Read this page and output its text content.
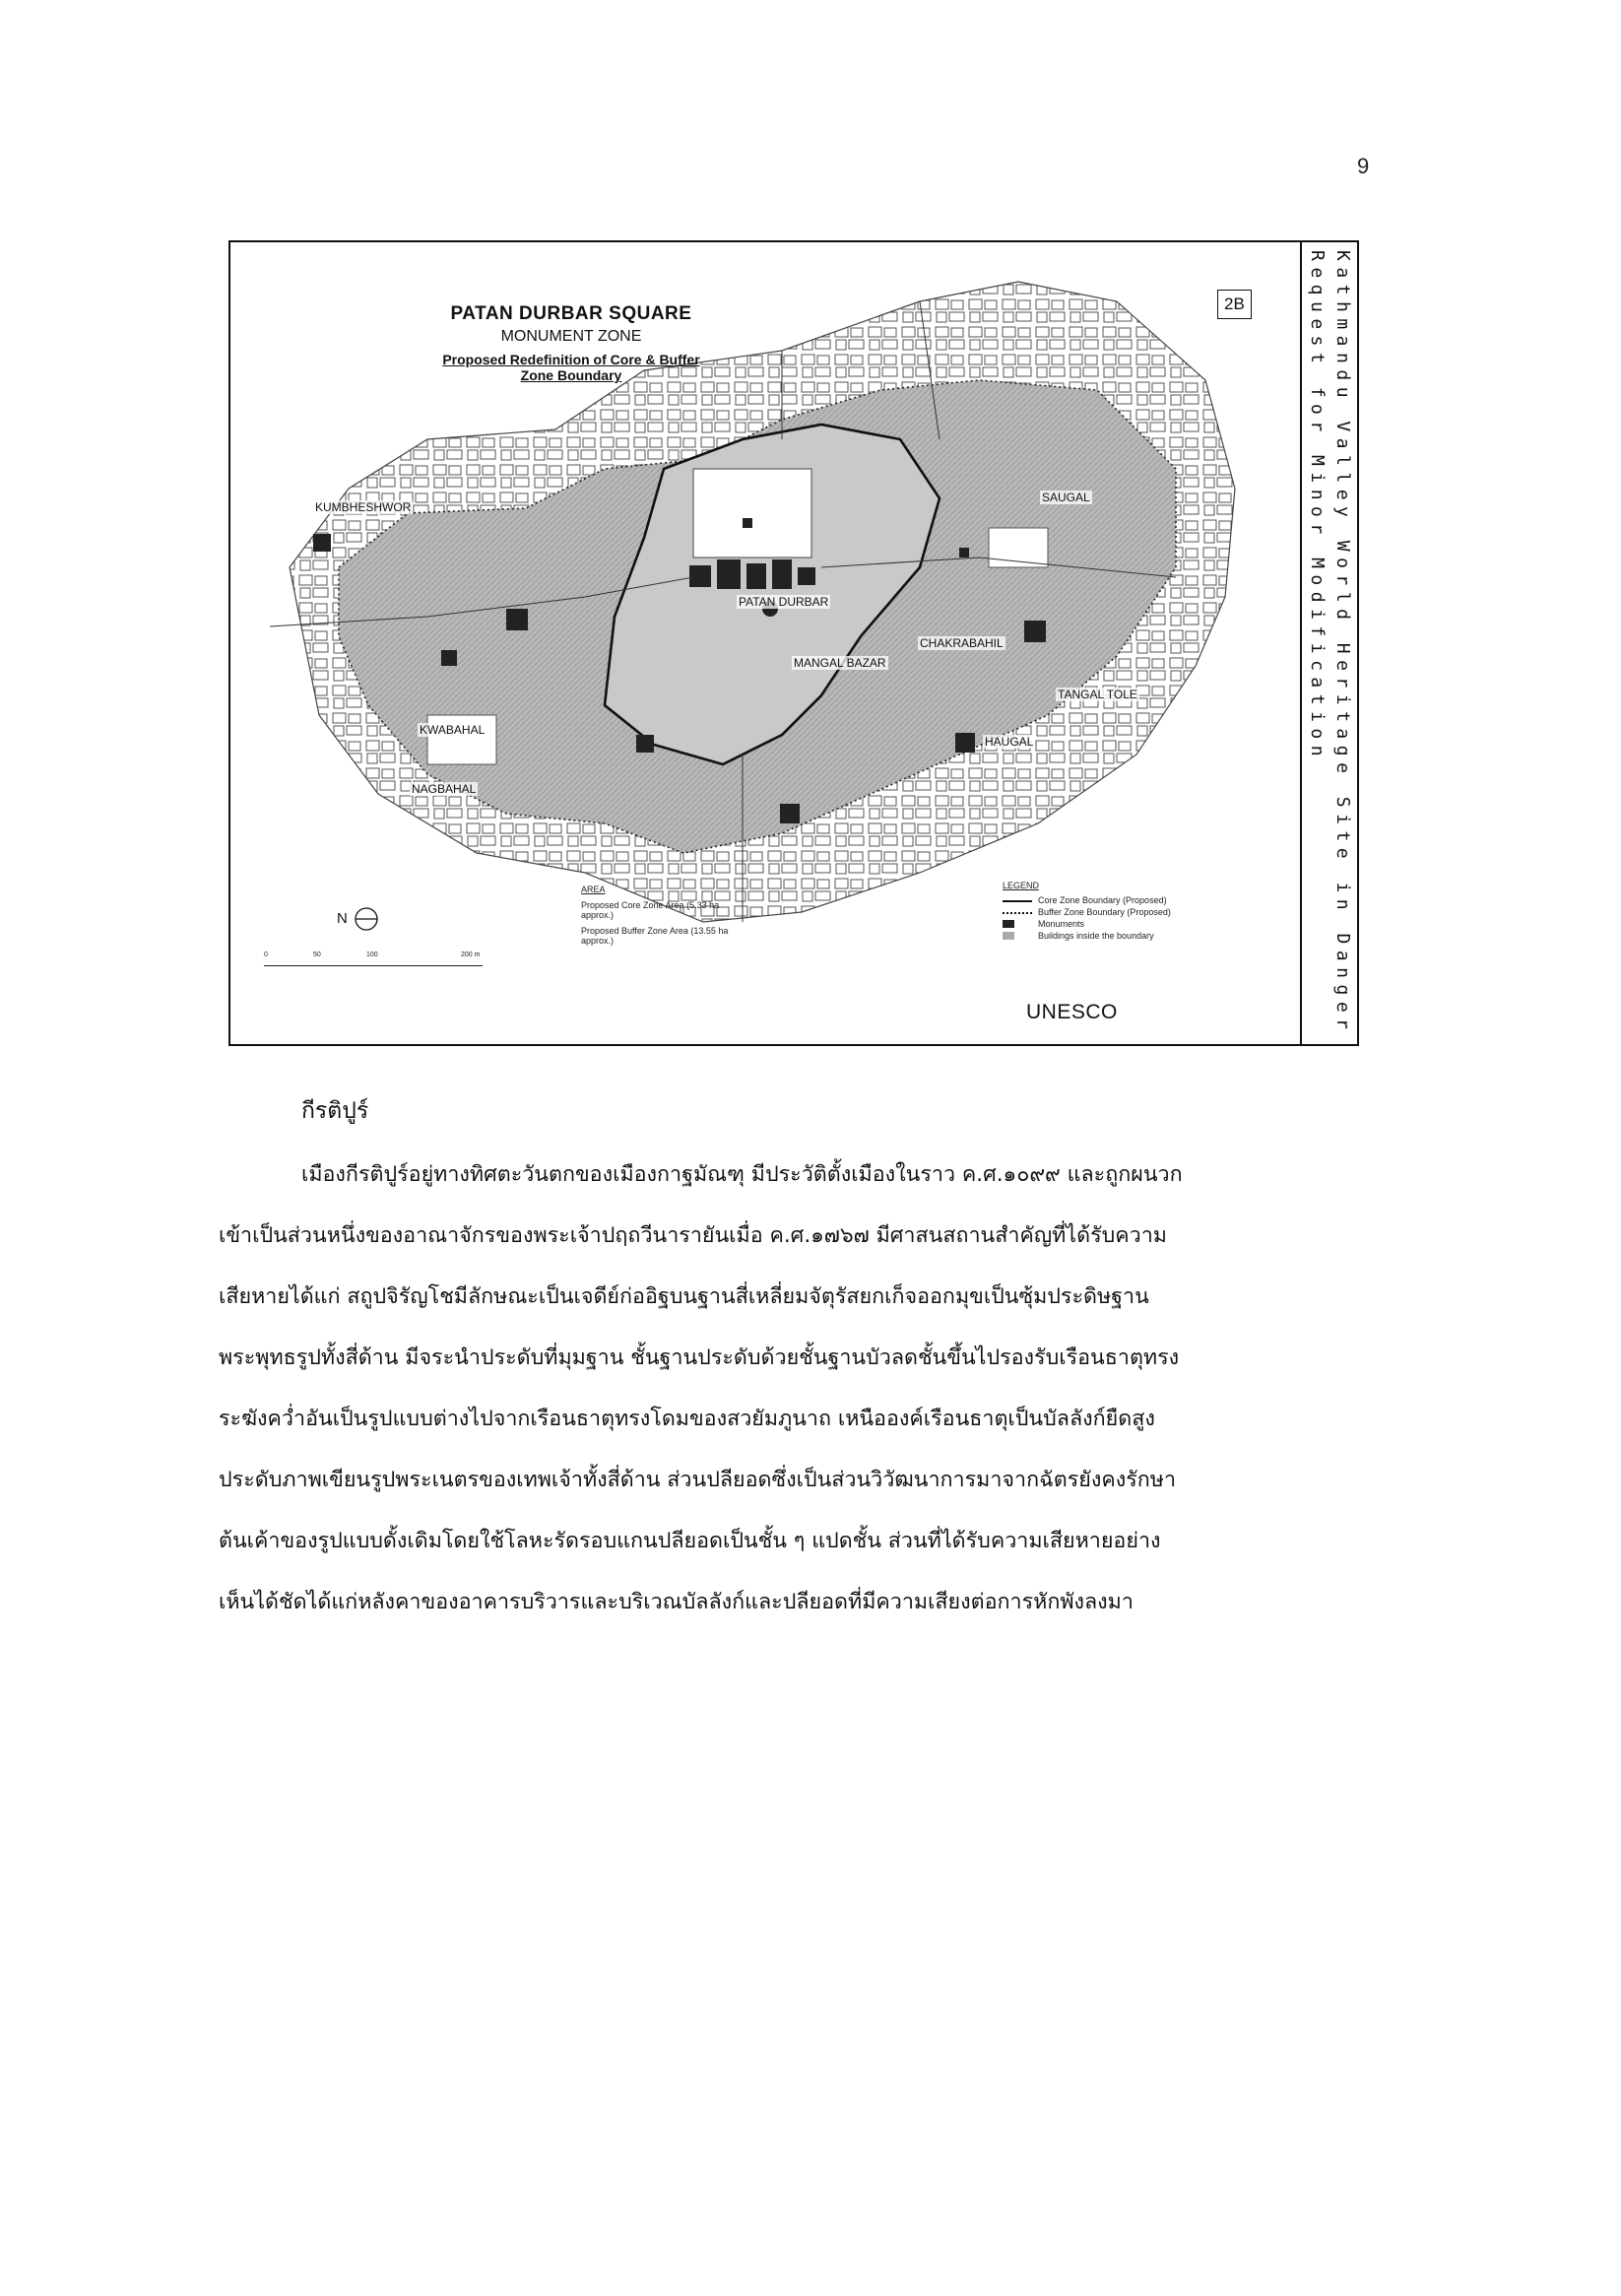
9
PATAN DURBAR SQUARE
MONUMENT ZONE
Proposed Redefinition of Core & Buffer
Zone Boundary
2B
KUMBHESHWOR
PATAN DURBAR
MANGAL BAZAR
SAUGAL
CHAKRABAHIL
TANGAL TOLE
HAUGAL
KWABAHAL
NAGBAHAL
AREA
Proposed Core Zone Area (5.33 ha approx.)
Proposed Buffer Zone Area (13.55 ha approx.)
LEGEND
Core Zone Boundary (Proposed)
Buffer Zone Boundary (Proposed)
Monuments
Buildings inside the boundary
N
0	50	100	200 m
UNESCO	Kathmandu Valley World Heritage Site in Danger
Request for Minor Modification
กีรติปูร์
เมืองกีรติปูร์อยู่ทางทิศตะวันตกของเมืองกาฐมัณฑุ มีประวัติตั้งเมืองในราว ค.ศ.๑๐๙๙ และถูกผนวก
เข้าเป็นส่วนหนึ่งของอาณาจักรของพระเจ้าปฤถวีนารายันเมื่อ ค.ศ.๑๗๖๗ มีศาสนสถานสำคัญที่ได้รับความ
เสียหายได้แก่ สถูปจิรัญโชมีลักษณะเป็นเจดีย์ก่ออิฐบนฐานสี่เหลี่ยมจัตุรัสยกเก็จออกมุขเป็นซุ้มประดิษฐาน
พระพุทธรูปทั้งสี่ด้าน มีจระนำประดับที่มุมฐาน ชั้นฐานประดับด้วยชั้นฐานบัวลดชั้นขึ้นไปรองรับเรือนธาตุทรง
ระฆังคว่ำอันเป็นรูปแบบต่างไปจากเรือนธาตุทรงโดมของสวยัมภูนาถ เหนือองค์เรือนธาตุเป็นบัลลังก์ยืดสูง
ประดับภาพเขียนรูปพระเนตรของเทพเจ้าทั้งสี่ด้าน ส่วนปลียอดซึ่งเป็นส่วนวิวัฒนาการมาจากฉัตรยังคงรักษา
ต้นเค้าของรูปแบบดั้งเดิมโดยใช้โลหะรัดรอบแกนปลียอดเป็นชั้น ๆ แปดชั้น ส่วนที่ได้รับความเสียหายอย่าง
เห็นได้ชัดได้แก่หลังคาของอาคารบริวารและบริเวณบัลลังก์และปลียอดที่มีความเสียงต่อการหักพังลงมา
